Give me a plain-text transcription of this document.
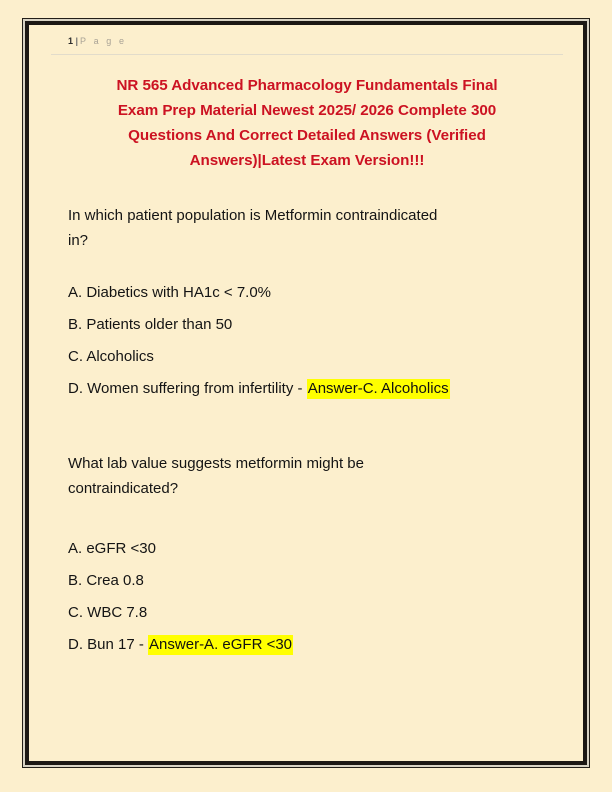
1 | P a g e
NR 565 Advanced Pharmacology Fundamentals Final
Exam Prep Material Newest 2025/ 2026 Complete 300
Questions And Correct Detailed Answers (Verified
Answers)|Latest Exam Version!!!

In which patient population is Metformin contraindicated

in?

A. Diabetics with HA1c < 7.0%

B. Patients older than 50

C. Alcoholics

D. Women suffering from infertility - Answer-C. Alcoholics

What lab value suggests metformin might be

contraindicated?

A. eGFR <30

B. Crea 0.8

C. WBC 7.8

D. Bun 17 - Answer-A. eGFR <30
